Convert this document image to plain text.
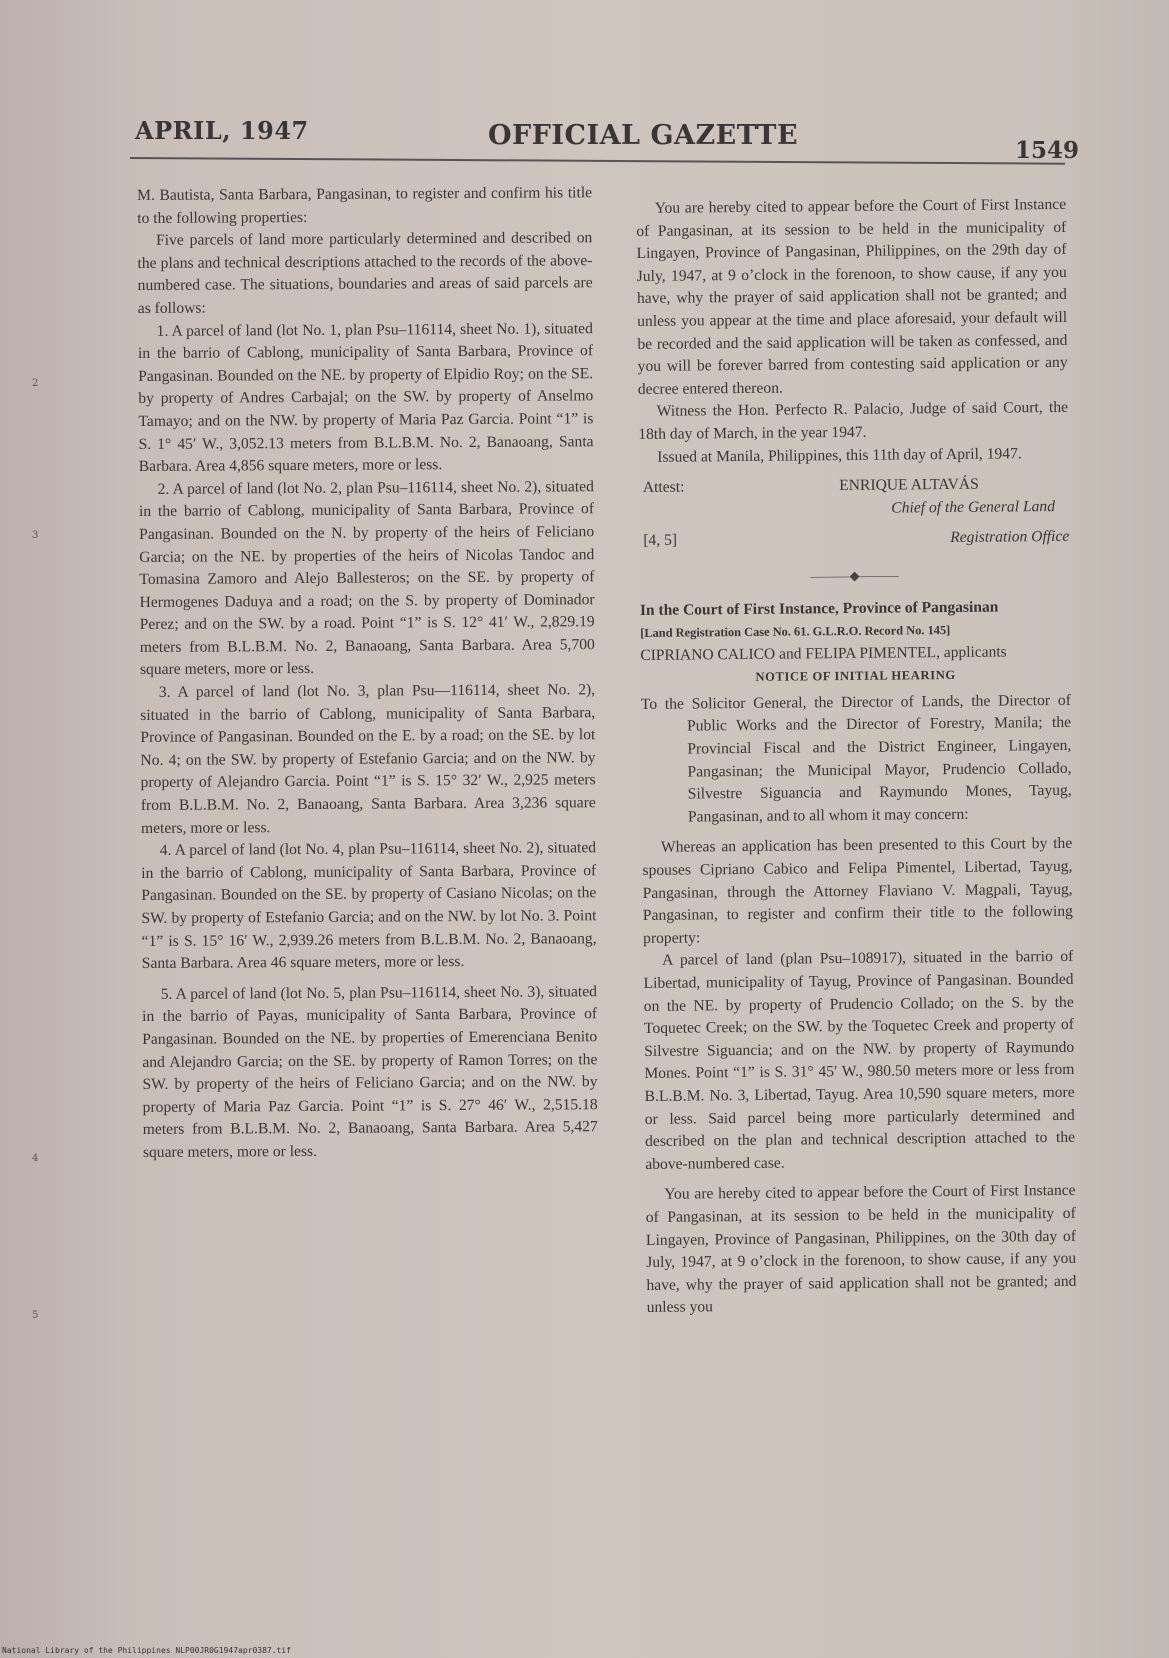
APRIL, 1947	OFFICIAL GAZETTE	1549
2
3
4
5

M. Bautista, Santa Barbara, Pangasinan, to register and confirm his title to the following properties:

Five parcels of land more particularly determined and described on the plans and technical descriptions attached to the records of the above-numbered case. The situations, boundaries and areas of said parcels are as follows:

1. A parcel of land (lot No. 1, plan Psu–116114, sheet No. 1), situated in the barrio of Cablong, municipality of Santa Barbara, Province of Pangasinan. Bounded on the NE. by property of Elpidio Roy; on the SE. by property of Andres Carbajal; on the SW. by property of Anselmo Tamayo; and on the NW. by property of Maria Paz Garcia. Point “1” is S. 1° 45′ W., 3,052.13 meters from B.L.B.M. No. 2, Banaoang, Santa Barbara. Area 4,856 square meters, more or less.

2. A parcel of land (lot No. 2, plan Psu–116114, sheet No. 2), situated in the barrio of Cablong, municipality of Santa Barbara, Province of Pangasinan. Bounded on the N. by property of the heirs of Feliciano Garcia; on the NE. by properties of the heirs of Nicolas Tandoc and Tomasina Zamoro and Alejo Ballesteros; on the SE. by property of Hermogenes Daduya and a road; on the S. by property of Dominador Perez; and on the SW. by a road. Point “1” is S. 12° 41′ W., 2,829.19 meters from B.L.B.M. No. 2, Banaoang, Santa Barbara. Area 5,700 square meters, more or less.

3. A parcel of land (lot No. 3, plan Psu—116114, sheet No. 2), situated in the barrio of Cablong, municipality of Santa Barbara, Province of Pangasinan. Bounded on the E. by a road; on the SE. by lot No. 4; on the SW. by property of Estefanio Garcia; and on the NW. by property of Alejandro Garcia. Point “1” is S. 15° 32′ W., 2,925 meters from B.L.B.M. No. 2, Banaoang, Santa Barbara. Area 3,236 square meters, more or less.

4. A parcel of land (lot No. 4, plan Psu–116114, sheet No. 2), situated in the barrio of Cablong, municipality of Santa Barbara, Province of Pangasinan. Bounded on the SE. by property of Casiano Nicolas; on the SW. by property of Estefanio Garcia; and on the NW. by lot No. 3. Point “1” is S. 15° 16′ W., 2,939.26 meters from B.L.B.M. No. 2, Banaoang, Santa Barbara. Area 46 square meters, more or less.

5. A parcel of land (lot No. 5, plan Psu–116114, sheet No. 3), situated in the barrio of Payas, municipality of Santa Barbara, Province of Pangasinan. Bounded on the NE. by properties of Emerenciana Benito and Alejandro Garcia; on the SE. by property of Ramon Torres; on the SW. by property of the heirs of Feliciano Garcia; and on the NW. by property of Maria Paz Garcia. Point “1” is S. 27° 46′ W., 2,515.18 meters from B.L.B.M. No. 2, Banaoang, Santa Barbara. Area 5,427 square meters, more or less.

You are hereby cited to appear before the Court of First Instance of Pangasinan, at its session to be held in the municipality of Lingayen, Province of Pangasinan, Philippines, on the 29th day of July, 1947, at 9 o’clock in the forenoon, to show cause, if any you have, why the prayer of said application shall not be granted; and unless you appear at the time and place aforesaid, your default will be recorded and the said application will be taken as confessed, and you will be forever barred from contesting said application or any decree entered thereon.

Witness the Hon. Perfecto R. Palacio, Judge of said Court, the 18th day of March, in the year 1947.

Issued at Manila, Philippines, this 11th day of April, 1947.

Attest:	ENRIQUE ALTAVÁS
Chief of the General Land
[4, 5]	Registration Office
———◆———

In the Court of First Instance, Province of Pangasinan

[Land Registration Case No. 61. G.L.R.O. Record No. 145]

CIPRIANO CALICO and FELIPA PIMENTEL, applicants

NOTICE OF INITIAL HEARING

To the Solicitor General, the Director of Lands, the Director of Public Works and the Director of Forestry, Manila; the Provincial Fiscal and the District Engineer, Lingayen, Pangasinan; the Municipal Mayor, Prudencio Collado, Silvestre Siguancia and Raymundo Mones, Tayug, Pangasinan, and to all whom it may concern:

Whereas an application has been presented to this Court by the spouses Cipriano Cabico and Felipa Pimentel, Libertad, Tayug, Pangasinan, through the Attorney Flaviano V. Magpali, Tayug, Pangasinan, to register and confirm their title to the following property:

A parcel of land (plan Psu–108917), situated in the barrio of Libertad, municipality of Tayug, Province of Pangasinan. Bounded on the NE. by property of Prudencio Collado; on the S. by the Toquetec Creek; on the SW. by the Toquetec Creek and property of Silvestre Siguancia; and on the NW. by property of Raymundo Mones. Point “1” is S. 31° 45′ W., 980.50 meters more or less from B.L.B.M. No. 3, Libertad, Tayug. Area 10,590 square meters, more or less. Said parcel being more particularly determined and described on the plan and technical description attached to the above-numbered case.

You are hereby cited to appear before the Court of First Instance of Pangasinan, at its session to be held in the municipality of Lingayen, Province of Pangasinan, Philippines, on the 30th day of July, 1947, at 9 o’clock in the forenoon, to show cause, if any you have, why the prayer of said application shall not be granted; and unless you

National Library of the Philippines NLP00JR0G1947apr0387.tif
